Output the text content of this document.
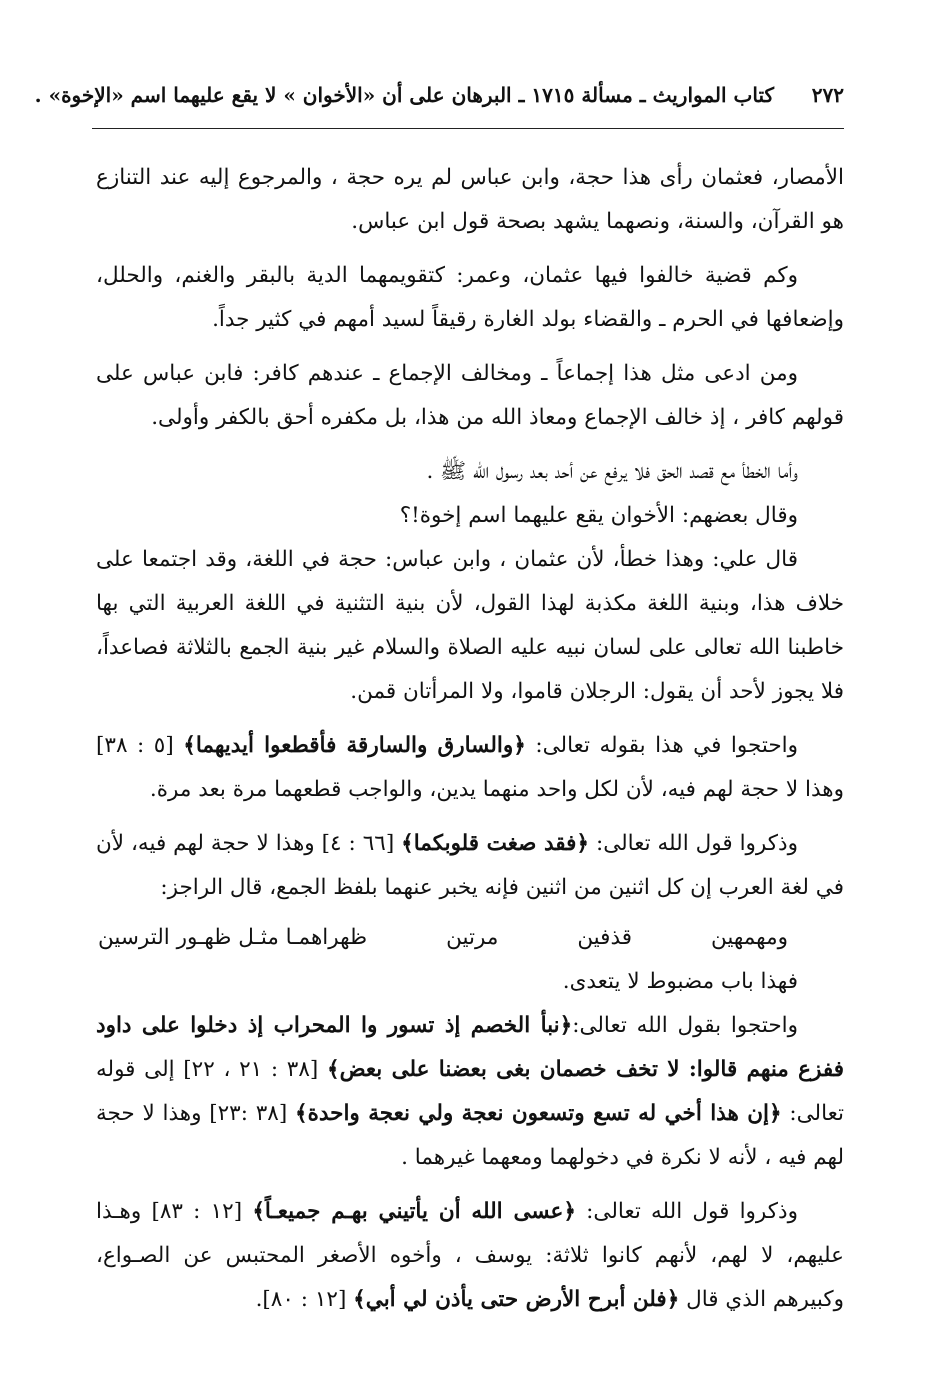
٢٧٢
كتاب المواريث ـ مسألة ١٧١٥ ـ البرهان على أن «الأخوان » لا يقع عليهما اسم «الإخوة» .

الأمصار، فعثمان رأى هذا حجة، وابن عباس لم يره حجة ، والمرجوع إليه عند التنازع هو القرآن، والسنة، ونصهما يشهد بصحة قول ابن عباس.

وكم قضية خالفوا فيها عثمان، وعمر: كتقويمهما الدية بالبقر والغنم، والحلل، وإضعافها في الحرم ـ والقضاء بولد الغارة رقيقاً لسيد أمهم في كثير جداً.

ومن ادعى مثل هذا إجماعاً ـ ومخالف الإجماع ـ عندهم كافر: فابن عباس على قولهم كافر ، إذ خالف الإجماع ومعاذ الله من هذا، بل مكفره أحق بالكفر وأولى.

وأما الخطأ مع قصد الحق فلا يرفع عن أحد بعد رسول الله ﷺ .

وقال بعضهم: الأخوان يقع عليهما اسم إخوة!؟

قال علي: وهذا خطأ، لأن عثمان ، وابن عباس: حجة في اللغة، وقد اجتمعا على خلاف هذا، وبنية اللغة مكذبة لهذا القول، لأن بنية التثنية في اللغة العربية التي بها خاطبنا الله تعالى على لسان نبيه عليه الصلاة والسلام غير بنية الجمع بالثلاثة فصاعداً، فلا يجوز لأحد أن يقول: الرجلان قاموا، ولا المرأتان قمن.

واحتجوا في هذا بقوله تعالى: ﴿والسارق والسارقة فأقطعوا أيديهما﴾ [٥ : ٣٨] وهذا لا حجة لهم فيه، لأن لكل واحد منهما يدين، والواجب قطعهما مرة بعد مرة.

وذكروا قول الله تعالى: ﴿فقد صغت قلوبكما﴾ [٦٦ : ٤] وهذا لا حجة لهم فيه، لأن في لغة العرب إن كل اثنين من اثنين فإنه يخبر عنهما بلفظ الجمع، قال الراجز:

ومهمهين
قذفين
مرتين
ظهراهمـا مثـل ظهـور الترسين

فهذا باب مضبوط لا يتعدى.

واحتجوا بقول الله تعالى:﴿نبأ الخصم إذ تسور وا المحراب إذ دخلوا على داود ففزع منهم قالوا: لا تخف خصمان بغى بعضنا على بعض﴾ [٣٨ : ٢١ ، ٢٢] إلى قوله تعالى: ﴿إن هذا أخي له تسع وتسعون نعجة ولي نعجة واحدة﴾ [٣٨ :٢٣] وهذا لا حجة لهم فيه ، لأنه لا نكرة في دخولهما ومعهما غيرهما .

وذكروا قول الله تعالى: ﴿عسى الله أن يأتيني بهـم جميعـاً﴾ [١٢ : ٨٣] وهـذا عليهم، لا لهم، لأنهم كانوا ثلاثة: يوسف ، وأخوه الأصغر المحتبس عن الصـواع، وكبيرهم الذي قال ﴿فلن أبرح الأرض حتى يأذن لي أبي﴾ [١٢ : ٨٠].
